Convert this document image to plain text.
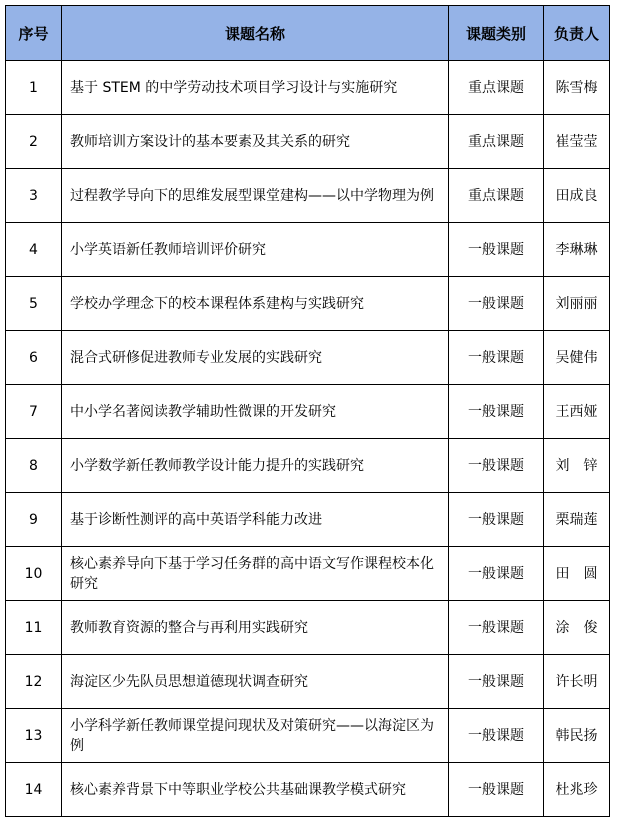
序号	课题名称	课题类别	负责人
1	基于 STEM 的中学劳动技术项目学习设计与实施研究	重点课题	陈雪梅
2	教师培训方案设计的基本要素及其关系的研究	重点课题	崔莹莹
3	过程教学导向下的思维发展型课堂建构——以中学物理为例	重点课题	田成良
4	小学英语新任教师培训评价研究	一般课题	李琳琳
5	学校办学理念下的校本课程体系建构与实践研究	一般课题	刘丽丽
6	混合式研修促进教师专业发展的实践研究	一般课题	吴健伟
7	中小学名著阅读教学辅助性微课的开发研究	一般课题	王西娅
8	小学数学新任教师教学设计能力提升的实践研究	一般课题	刘　锌
9	基于诊断性测评的高中英语学科能力改进	一般课题	栗瑞莲
10	核心素养导向下基于学习任务群的高中语文写作课程校本化研究	一般课题	田　圆
11	教师教育资源的整合与再利用实践研究	一般课题	涂　俊
12	海淀区少先队员思想道德现状调查研究	一般课题	许长明
13	小学科学新任教师课堂提问现状及对策研究——以海淀区为例	一般课题	韩民扬
14	核心素养背景下中等职业学校公共基础课教学模式研究	一般课题	杜兆珍
